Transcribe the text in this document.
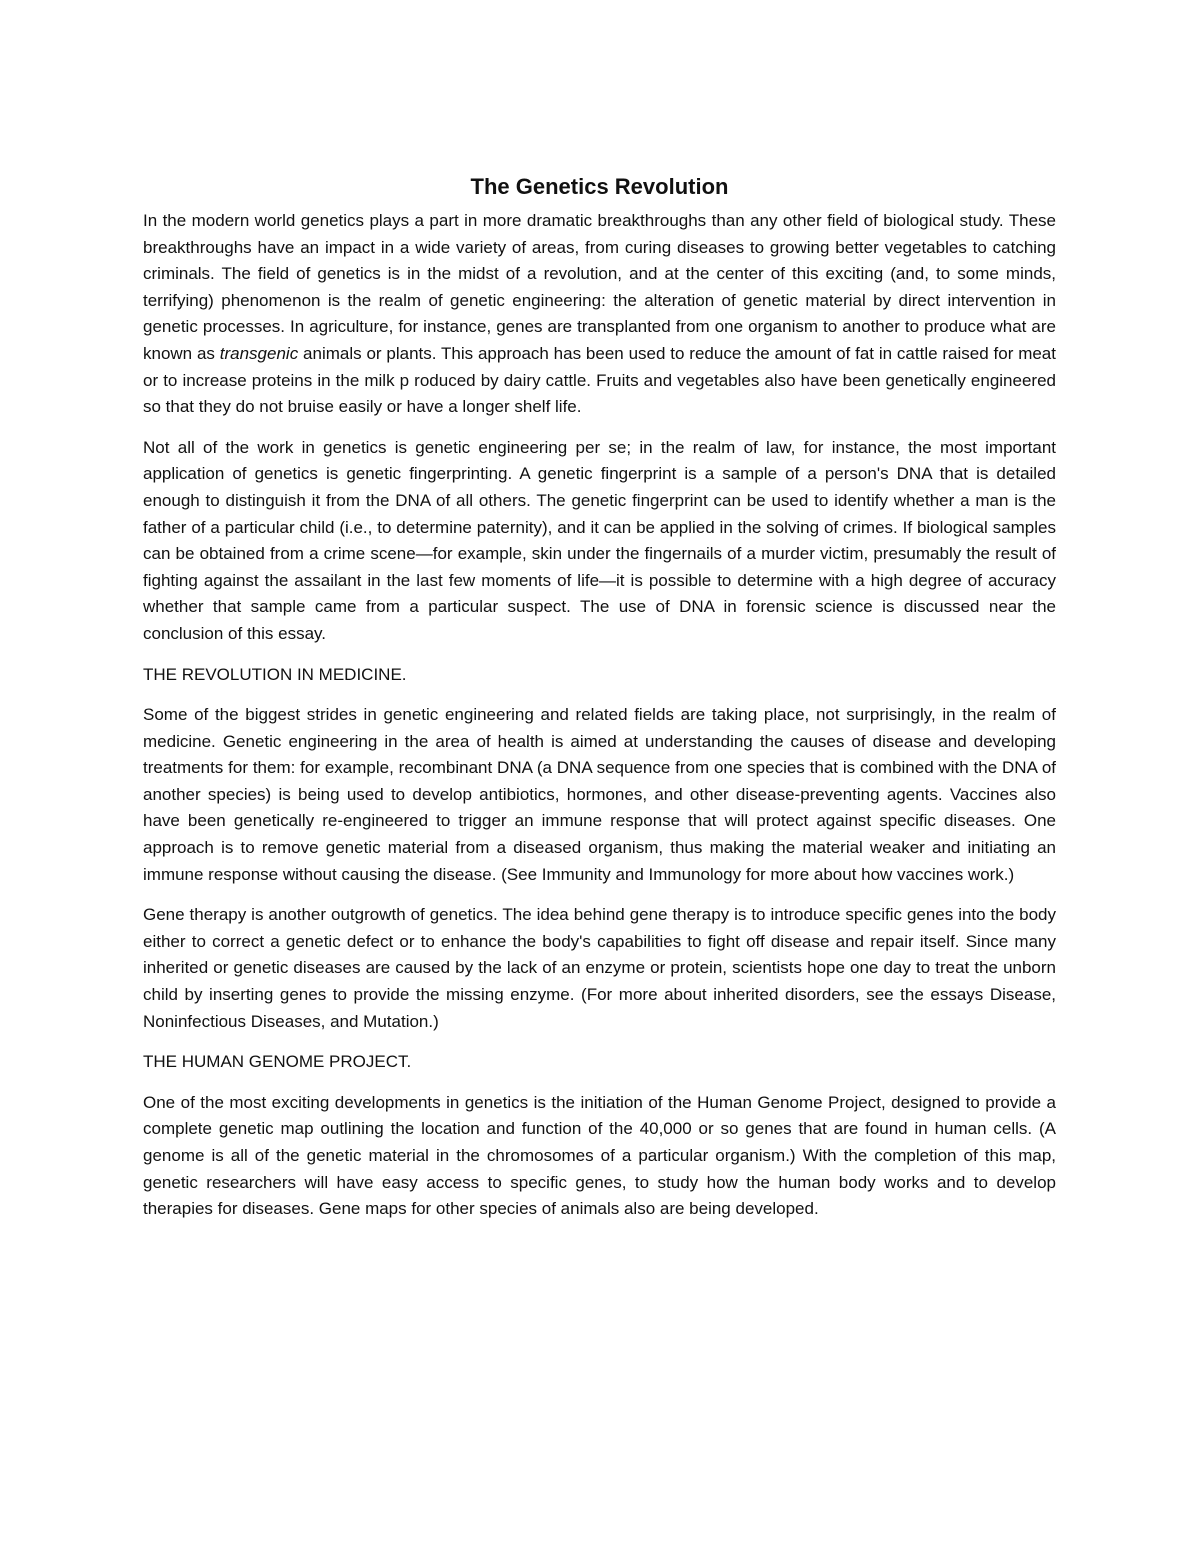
The Genetics Revolution

In the modern world genetics plays a part in more dramatic breakthroughs than any other field of biological study. These breakthroughs have an impact in a wide variety of areas, from curing diseases to growing better vegetables to catching criminals. The field of genetics is in the midst of a revolution, and at the center of this exciting (and, to some minds, terrifying) phenomenon is the realm of genetic engineering: the alteration of genetic material by direct intervention in genetic processes. In agriculture, for instance, genes are transplanted from one organism to another to produce what are known as transgenic animals or plants. This approach has been used to reduce the amount of fat in cattle raised for meat or to increase proteins in the milk p roduced by dairy cattle. Fruits and vegetables also have been genetically engineered so that they do not bruise easily or have a longer shelf life.

Not all of the work in genetics is genetic engineering per se; in the realm of law, for instance, the most important application of genetics is genetic fingerprinting. A genetic fingerprint is a sample of a person's DNA that is detailed enough to distinguish it from the DNA of all others. The genetic fingerprint can be used to identify whether a man is the father of a particular child (i.e., to determine paternity), and it can be applied in the solving of crimes. If biological samples can be obtained from a crime scene—for example, skin under the fingernails of a murder victim, presumably the result of fighting against the assailant in the last few moments of life—it is possible to determine with a high degree of accuracy whether that sample came from a particular suspect. The use of DNA in forensic science is discussed near the conclusion of this essay.

THE REVOLUTION IN MEDICINE.

Some of the biggest strides in genetic engineering and related fields are taking place, not surprisingly, in the realm of medicine. Genetic engineering in the area of health is aimed at understanding the causes of disease and developing treatments for them: for example, recombinant DNA (a DNA sequence from one species that is combined with the DNA of another species) is being used to develop antibiotics, hormones, and other disease-preventing agents. Vaccines also have been genetically re-engineered to trigger an immune response that will protect against specific diseases. One approach is to remove genetic material from a diseased organism, thus making the material weaker and initiating an immune response without causing the disease. (See Immunity and Immunology for more about how vaccines work.)

Gene therapy is another outgrowth of genetics. The idea behind gene therapy is to introduce specific genes into the body either to correct a genetic defect or to enhance the body's capabilities to fight off disease and repair itself. Since many inherited or genetic diseases are caused by the lack of an enzyme or protein, scientists hope one day to treat the unborn child by inserting genes to provide the missing enzyme. (For more about inherited disorders, see the essays Disease, Noninfectious Diseases, and Mutation.)

THE HUMAN GENOME PROJECT.

One of the most exciting developments in genetics is the initiation of the Human Genome Project, designed to provide a complete genetic map outlining the location and function of the 40,000 or so genes that are found in human cells. (A genome is all of the genetic material in the chromosomes of a particular organism.) With the completion of this map, genetic researchers will have easy access to specific genes, to study how the human body works and to develop therapies for diseases. Gene maps for other species of animals also are being developed.
